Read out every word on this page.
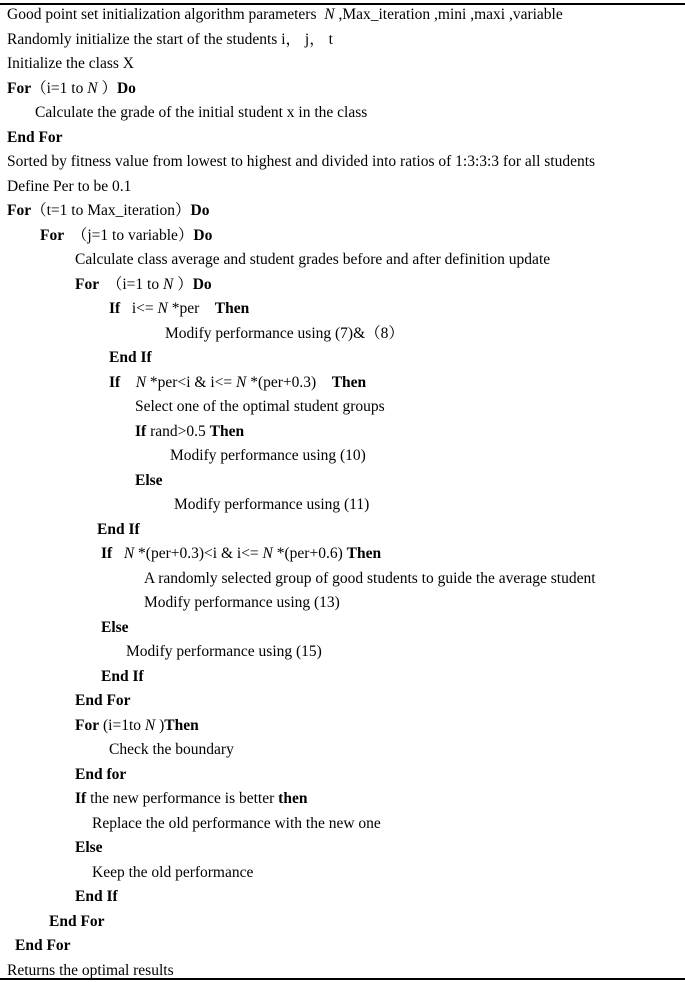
Good point set initialization algorithm parameters  N ,Max_iteration ,mini ,maxi ,variable
Randomly initialize the start of the students i， j， t
Initialize the class X
For（i=1 to N ）Do
Calculate the grade of the initial student x in the class
End For
Sorted by fitness value from lowest to highest and divided into ratios of 1:3:3:3 for all students
Define Per to be 0.1
For（t=1 to Max_iteration）Do
For  （j=1 to variable）Do
Calculate class average and student grades before and after definition update
For  （i=1 to N ）Do
If   i<= N *per    Then
Modify performance using (7)&（8）
End If
If N *per<i & i<= N *(per+0.3)    Then
Select one of the optimal student groups
If rand>0.5 Then
Modify performance using (10)
Else
Modify performance using (11)
End If
If N *(per+0.3)<i & i<= N *(per+0.6) Then
A randomly selected group of good students to guide the average student
Modify performance using (13)
Else
Modify performance using (15)
End If
End For
For (i=1to N )Then
Check the boundary
End for
If the new performance is better then
Replace the old performance with the new one
Else
Keep the old performance
End If
End For
End For
Returns the optimal results
